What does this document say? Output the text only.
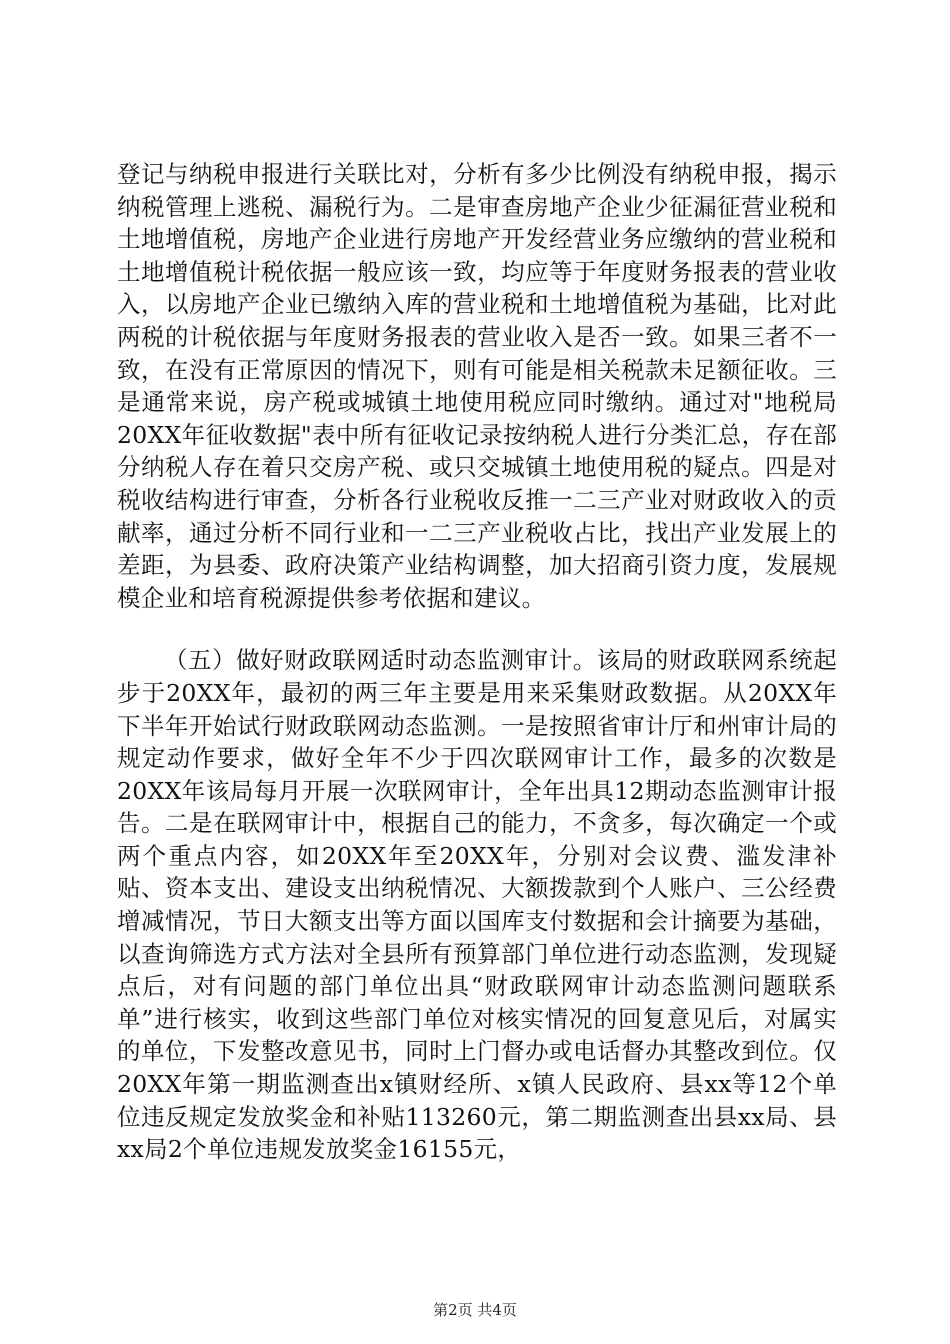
登记与纳税申报进行关联比对，分析有多少比例没有纳税申报，揭示纳税管理上逃税、漏税行为。二是审查房地产企业少征漏征营业税和土地增值税，房地产企业进行房地产开发经营业务应缴纳的营业税和土地增值税计税依据一般应该一致，均应等于年度财务报表的营业收入，以房地产企业已缴纳入库的营业税和土地增值税为基础，比对此两税的计税依据与年度财务报表的营业收入是否一致。如果三者不一致，在没有正常原因的情况下，则有可能是相关税款未足额征收。三是通常来说，房产税或城镇土地使用税应同时缴纳。通过对"地税局20XX年征收数据"表中所有征收记录按纳税人进行分类汇总，存在部分纳税人存在着只交房产税、或只交城镇土地使用税的疑点。四是对税收结构进行审查，分析各行业税收反推一二三产业对财政收入的贡献率，通过分析不同行业和一二三产业税收占比，找出产业发展上的差距，为县委、政府决策产业结构调整，加大招商引资力度，发展规模企业和培育税源提供参考依据和建议。

（五）做好财政联网适时动态监测审计。该局的财政联网系统起步于20XX年，最初的两三年主要是用来采集财政数据。从20XX年下半年开始试行财政联网动态监测。一是按照省审计厅和州审计局的规定动作要求，做好全年不少于四次联网审计工作，最多的次数是20XX年该局每月开展一次联网审计，全年出具12期动态监测审计报告。二是在联网审计中，根据自己的能力，不贪多，每次确定一个或两个重点内容，如20XX年至20XX年，分别对会议费、滥发津补贴、资本支出、建设支出纳税情况、大额拨款到个人账户、三公经费增减情况，节日大额支出等方面以国库支付数据和会计摘要为基础，以查询筛选方式方法对全县所有预算部门单位进行动态监测，发现疑点后，对有问题的部门单位出具“财政联网审计动态监测问题联系单”进行核实，收到这些部门单位对核实情况的回复意见后，对属实的单位，下发整改意见书，同时上门督办或电话督办其整改到位。仅20XX年第一期监测查出x镇财经所、x镇人民政府、县xx等12个单位违反规定发放奖金和补贴113260元，第二期监测查出县xx局、县xx局2个单位违规发放奖金16155元，

第2页 共4页
